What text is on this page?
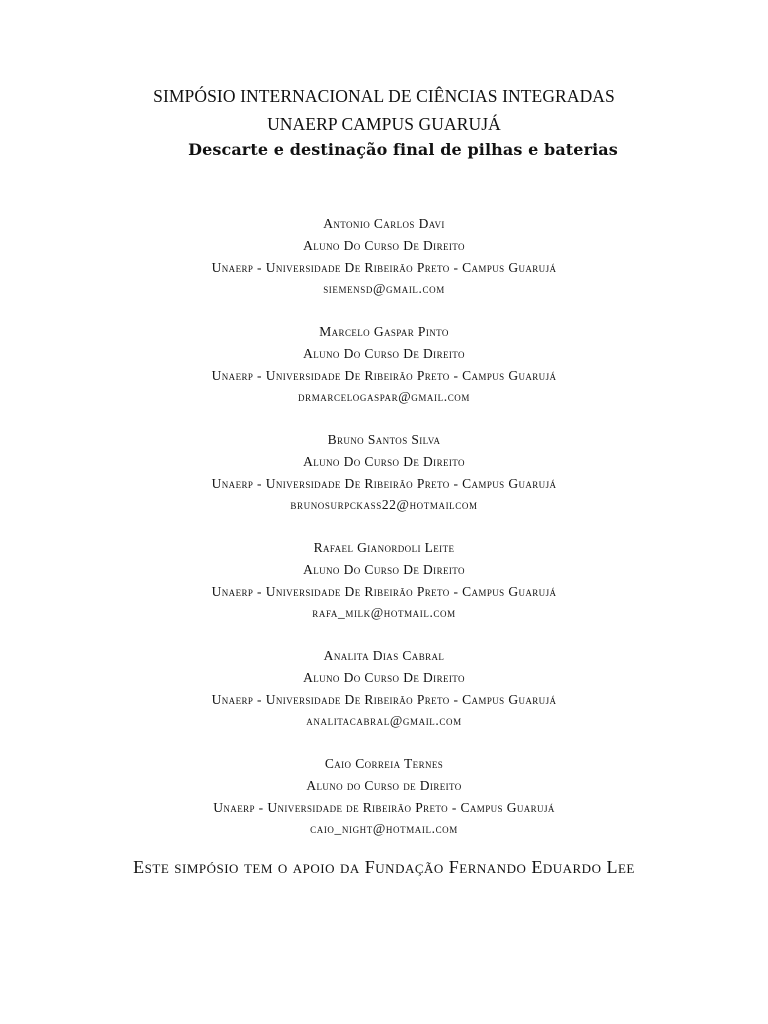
SIMPÓSIO INTERNACIONAL DE CIÊNCIAS INTEGRADAS
UNAERP CAMPUS GUARUJÁ
Descarte e destinação final de pilhas e baterias
Antonio Carlos Davi
Aluno Do Curso De Direito
Unaerp - Universidade De Ribeirão Preto - Campus Guarujá
siemensd@gmail.com
Marcelo Gaspar Pinto
Aluno Do Curso De Direito
Unaerp - Universidade De Ribeirão Preto - Campus Guarujá
drmarcelogaspar@gmail.com
Bruno Santos Silva
Aluno Do Curso De Direito
Unaerp - Universidade De Ribeirão Preto - Campus Guarujá
brunosurpckass22@hotmailcom
Rafael Gianordoli Leite
Aluno Do Curso De Direito
Unaerp - Universidade De Ribeirão Preto - Campus Guarujá
rafa_milk@hotmail.com
Analita Dias Cabral
Aluno Do Curso De Direito
Unaerp - Universidade De Ribeirão Preto - Campus Guarujá
analitacabral@gmail.com
Caio Correia Ternes
Aluno do Curso de Direito
Unaerp - Universidade de Ribeirão Preto - Campus Guarujá
caio_night@hotmail.com
Este simpósio tem o apoio da Fundação Fernando Eduardo Lee
